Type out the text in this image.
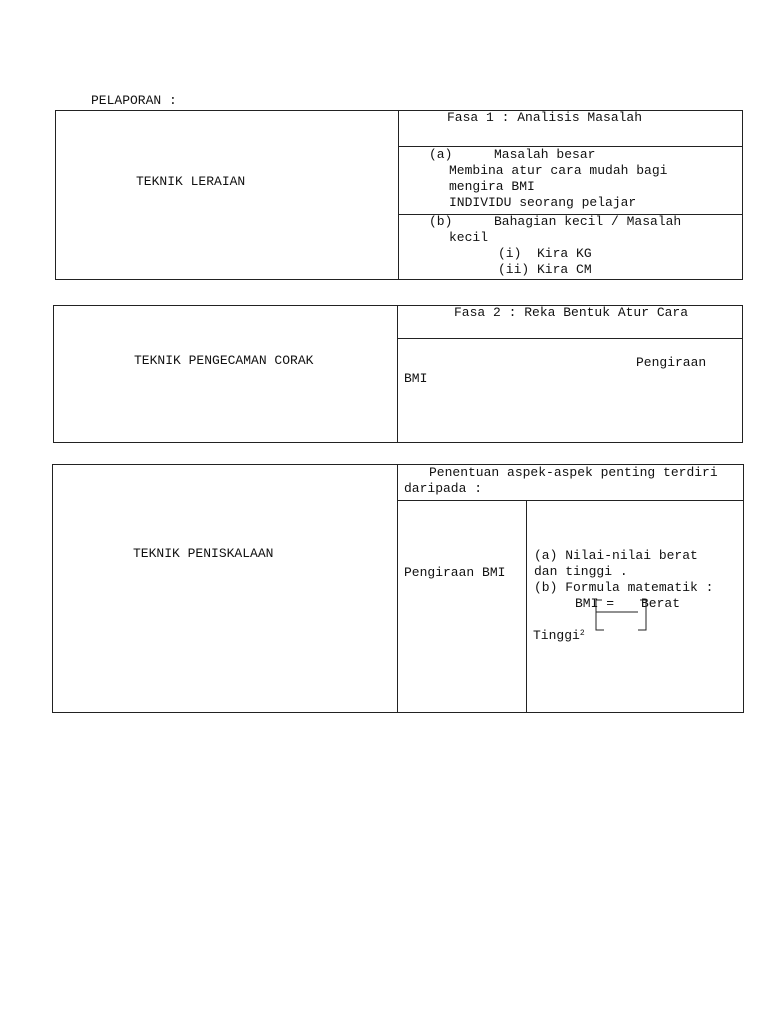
PELAPORAN :
TEKNIK LERAIAN
Fasa 1 : Analisis Masalah
(a)	Masalah besar
Membina atur cara mudah bagi
mengira BMI
INDIVIDU seorang pelajar
(b)	Bahagian kecil / Masalah
kecil
(i)  Kira KG
(ii) Kira CM
TEKNIK PENGECAMAN CORAK
Fasa 2 : Reka Bentuk Atur Cara
Pengiraan
BMI
TEKNIK PENISKALAAN
Penentuan aspek-aspek penting terdiri
daripada :
Pengiraan BMI
(a) Nilai-nilai berat
dan tinggi .
(b) Formula matematik :
BMI = Berat
Tinggi$^2$
